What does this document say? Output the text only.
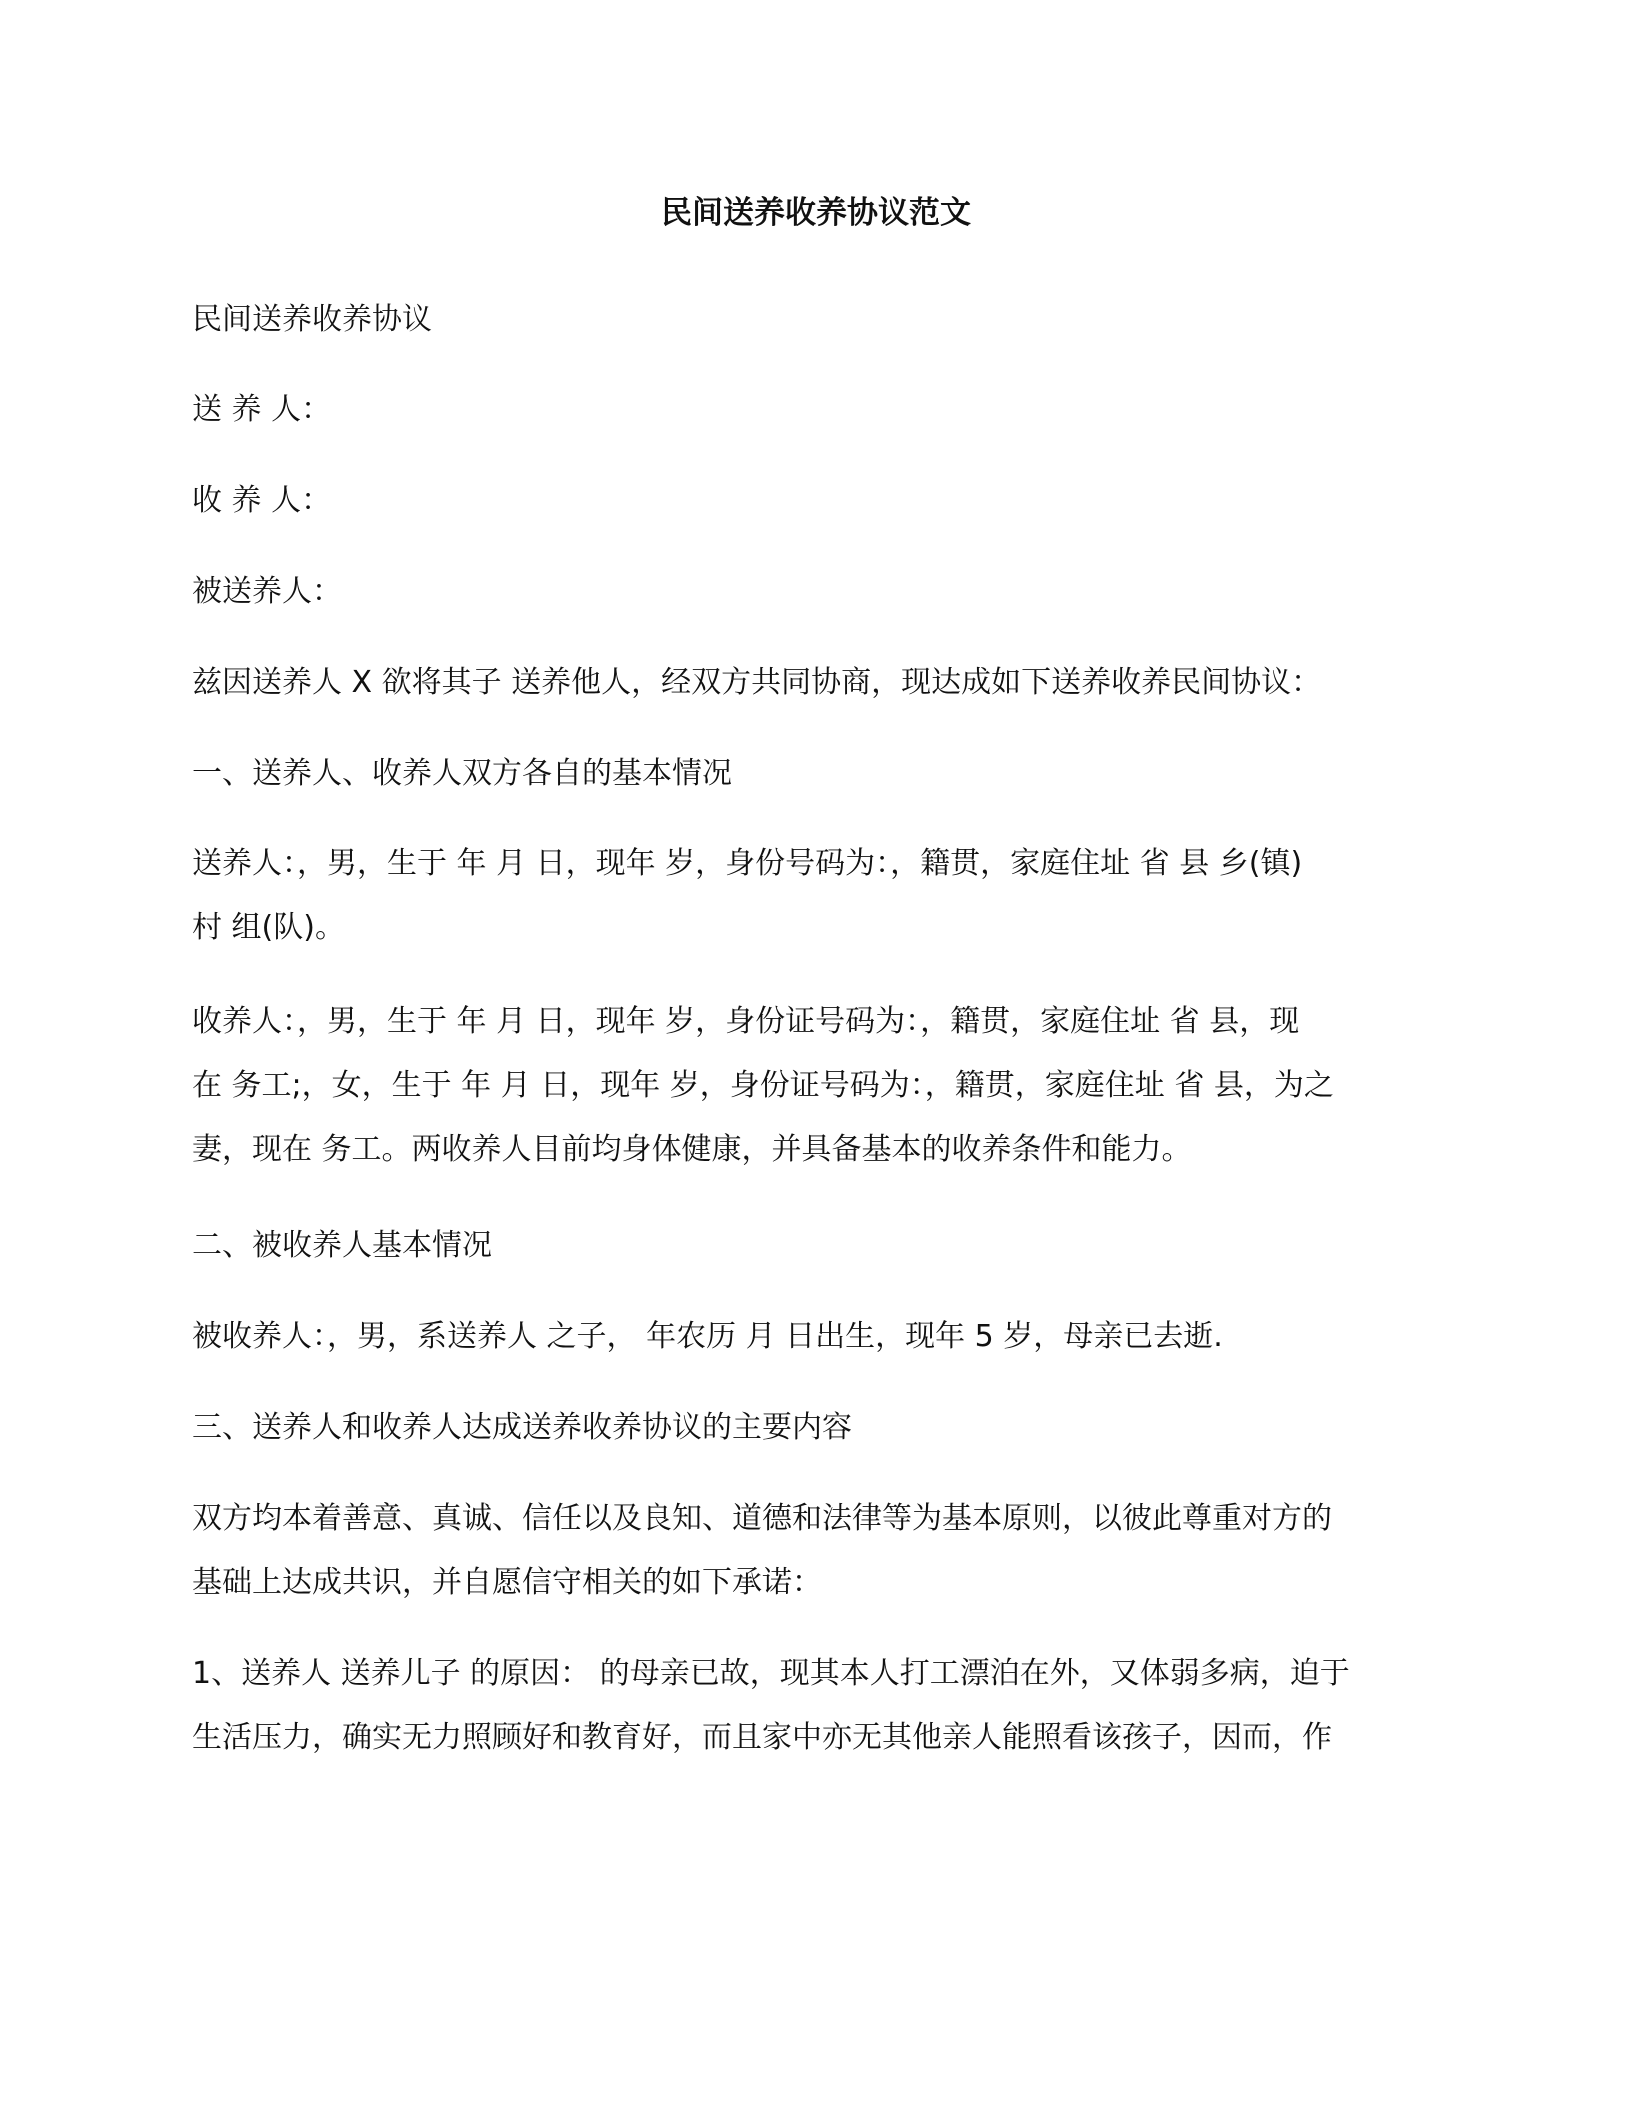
民间送养收养协议范文
民间送养收养协议
送 养 人：
收 养 人：
被送养人：
兹因送养人 X 欲将其子 送养他人，经双方共同协商，现达成如下送养收养民间协议：
一、送养人、收养人双方各自的基本情况
送养人：，男，生于 年 月 日，现年 岁，身份号码为：，籍贯，家庭住址 省 县 乡(镇)
村 组(队)。
收养人：，男，生于 年 月 日，现年 岁，身份证号码为：，籍贯，家庭住址 省 县，现
在 务工;，女，生于 年 月 日，现年 岁，身份证号码为：，籍贯，家庭住址 省 县，为之
妻，现在 务工。两收养人目前均身体健康，并具备基本的收养条件和能力。
二、被收养人基本情况
被收养人：，男，系送养人 之子， 年农历 月 日出生，现年 5 岁，母亲已去逝.
三、送养人和收养人达成送养收养协议的主要内容
双方均本着善意、真诚、信任以及良知、道德和法律等为基本原则，以彼此尊重对方的
基础上达成共识，并自愿信守相关的如下承诺：
1、送养人 送养儿子 的原因： 的母亲已故，现其本人打工漂泊在外，又体弱多病，迫于
生活压力，确实无力照顾好和教育好，而且家中亦无其他亲人能照看该孩子，因而，作
